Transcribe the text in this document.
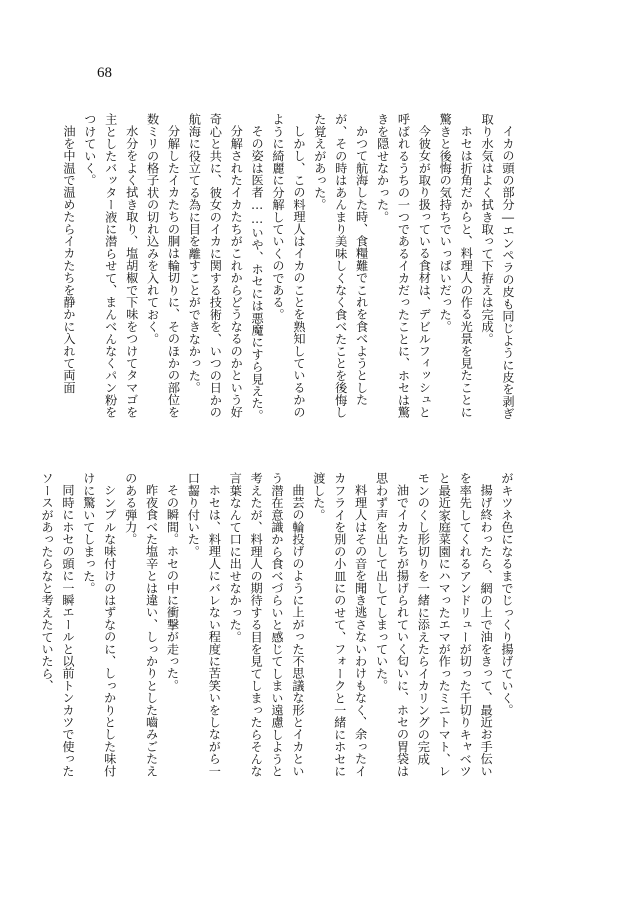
68

イカの頭の部分―エンペラの皮も同じように皮を剥ぎ取り水気はよく拭き取って下拵えは完成。

ホセは折角だからと、料理人の作る光景を見たことに驚きと後悔の気持ちでいっぱいだった。

今彼女が取り扱っている食材は、デビルフィッシュと呼ばれるうちの一つであるイカだったことに、ホセは驚きを隠せなかった。

かつて航海した時、食糧難でこれを食べようとしたが、その時はあんまり美味しくなく食べたことを後悔した覚えがあった。

しかし、この料理人はイカのことを熟知しているかのように綺麗に分解していくのである。

その姿は医者……いや、ホセには悪魔にすら見えた。

分解されたイカたちがこれからどうなるのかという好奇心と共に、彼女のイカに関する技術を、いつの日かの航海に役立てる為に目を離すことができなかった。

分解したイカたちの胴は輪切りに、そのほかの部位を数ミリの格子状の切れ込みを入れておく。

水分をよく拭き取り、塩胡椒で下味をつけてタマゴを主としたバッター液に潜らせて、まんべんなくパン粉をつけていく。

油を中温で温めたらイカたちを静かに入れて両面

がキツネ色になるまでじっくり揚げていく。

揚げ終わったら、網の上で油をきって、最近お手伝いを率先してくれるアンドリューが切った千切りキャベツと最近家庭菜園にハマったエマが作ったミニトマト、レモンのくし形切りを一緒に添えたらイカリングの完成

油でイカたちが揚げられていく匂いに、ホセの胃袋は思わず声を出して出してしまっていた。

料理人はその音を聞き逃さないわけもなく、余ったイカフライを別の小皿にのせて、フォークと一緒にホセに渡した。

曲芸の輪投げのように上がった不思議な形とイカという潜在意識から食べづらいと感じてしまい遠慮しようと考えたが、料理人の期待する目を見てしまったらそんな言葉なんて口に出せなかった。

ホセは、料理人にバレない程度に苦笑いをしながら一口齧り付いた。

その瞬間。ホセの中に衝撃が走った。

昨夜食べた塩辛とは違い、しっかりとした嚙みごたえのある弾力。

シンプルな味付けのはずなのに、しっかりとした味付けに驚いてしまった。

同時にホセの頭に一瞬エールと以前トンカツで使ったソースがあったらなと考えたていたら、
